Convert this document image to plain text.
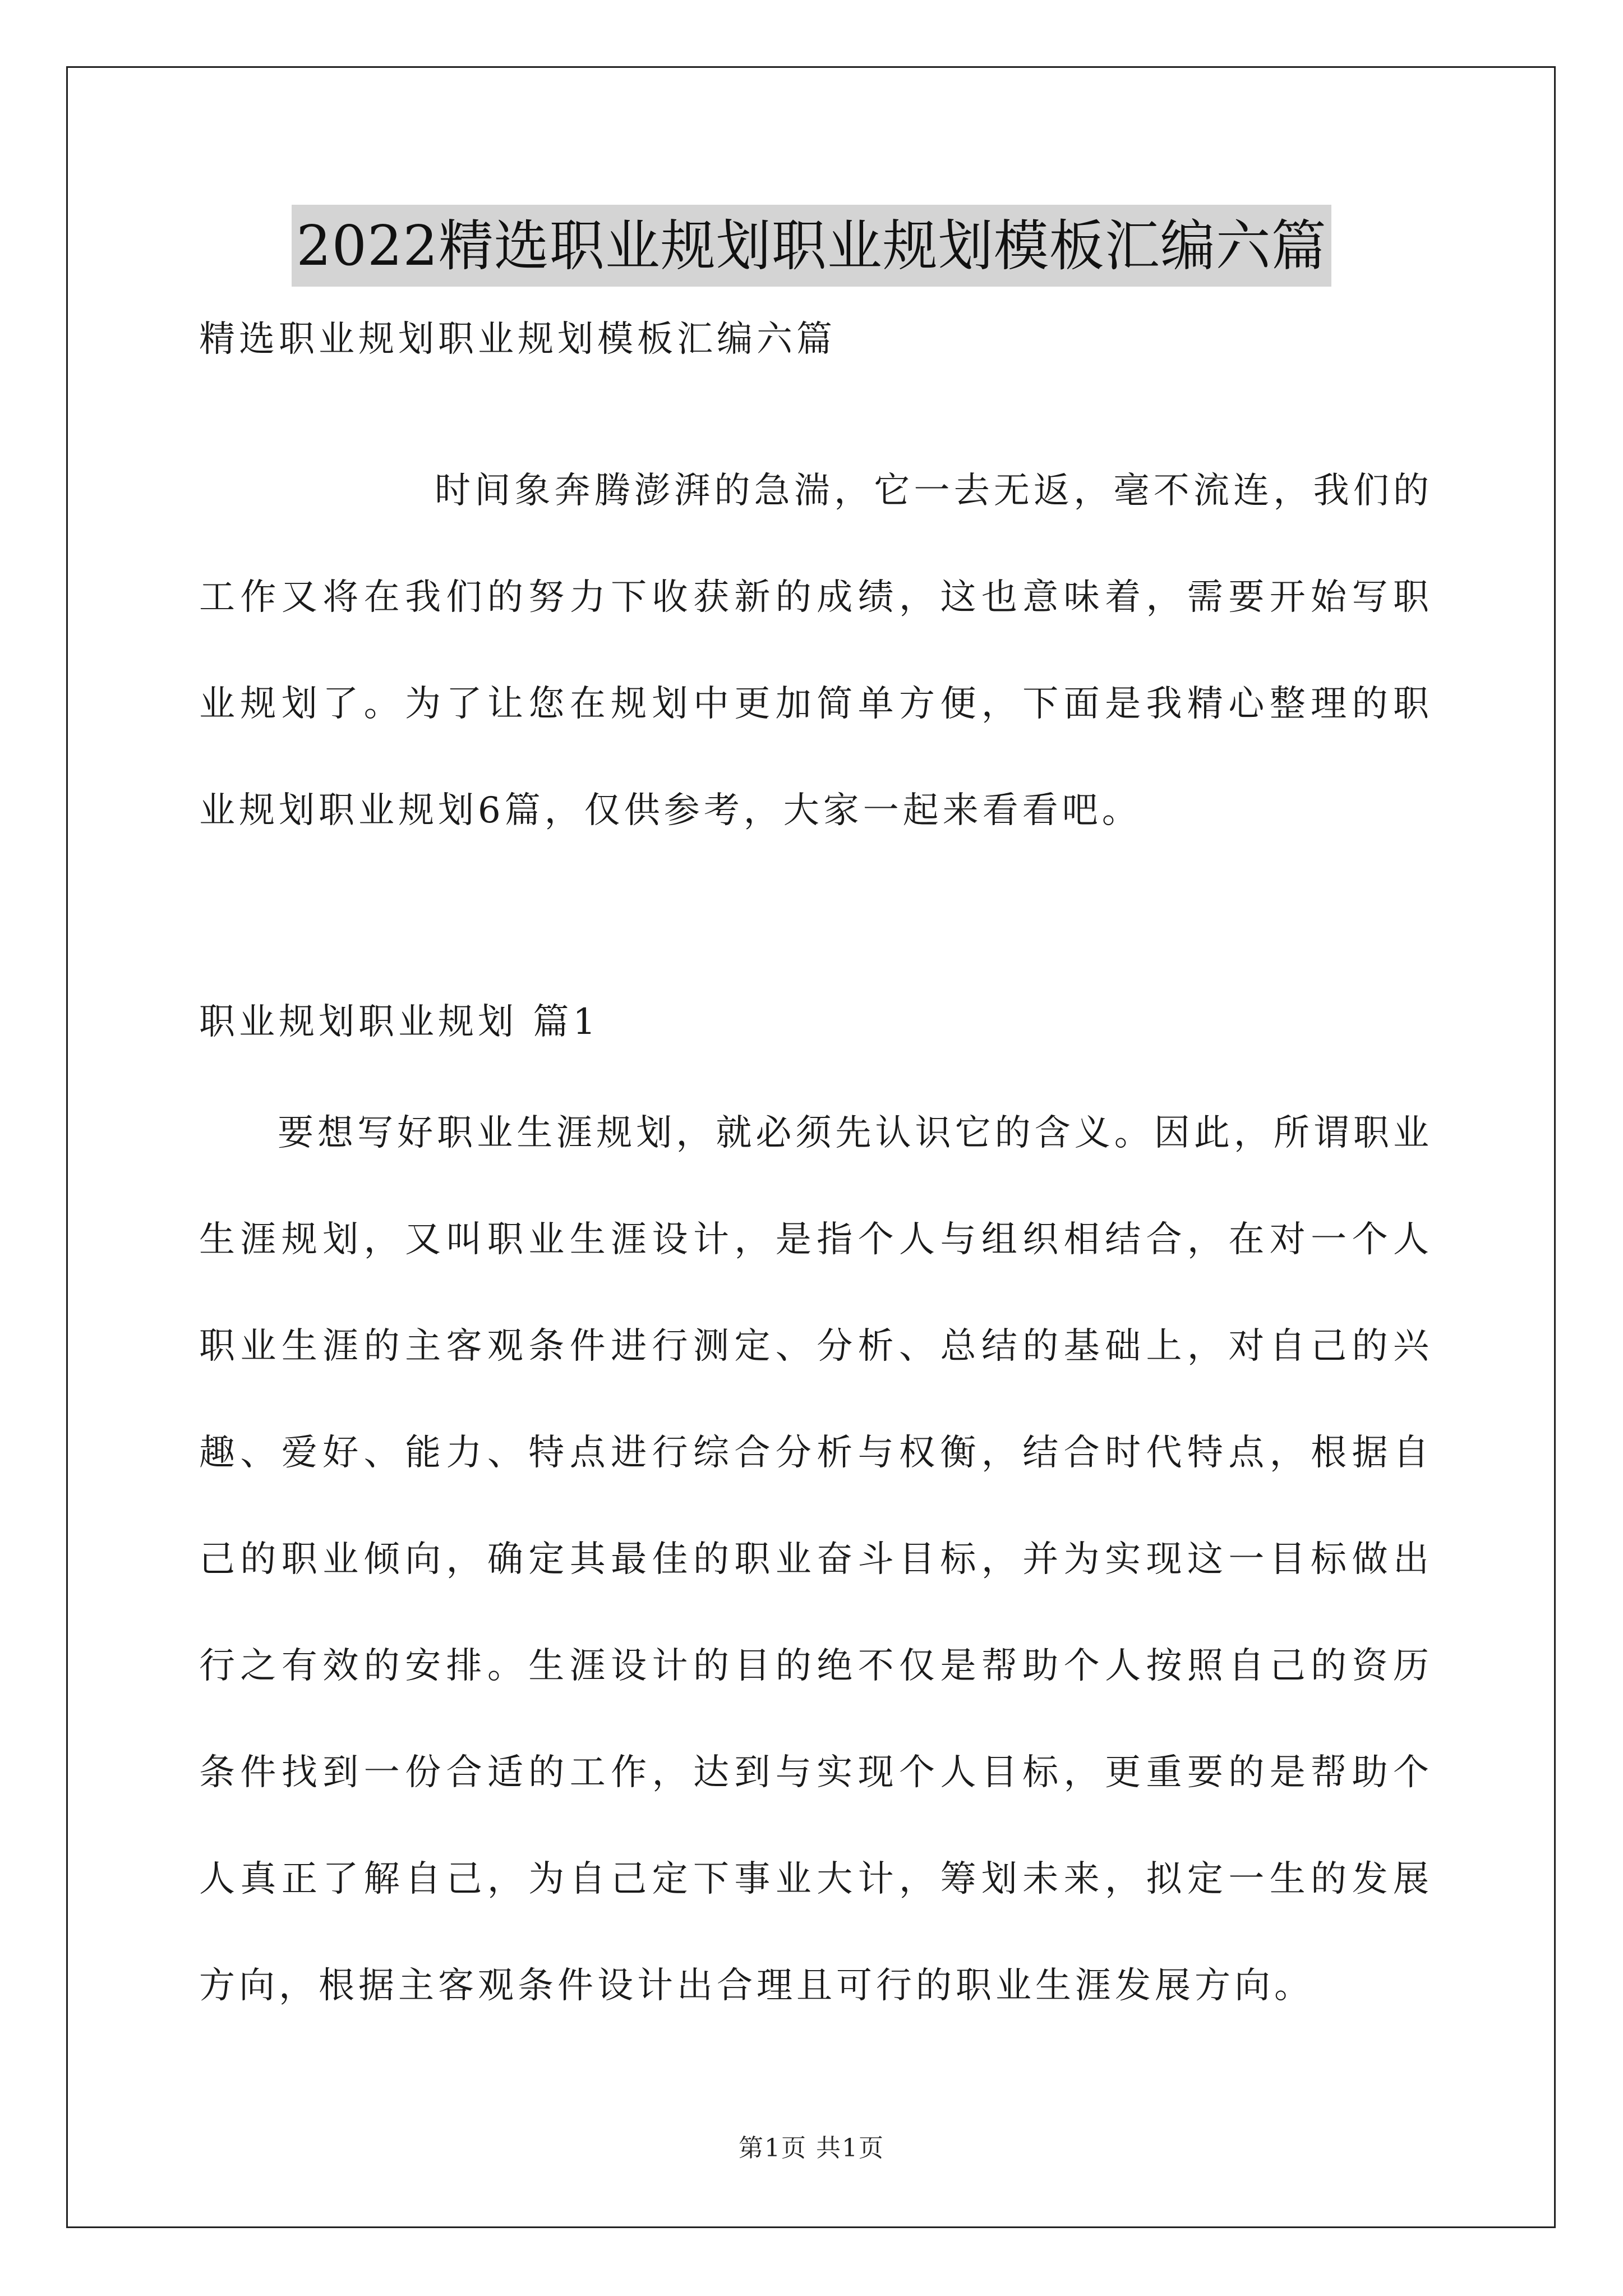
2022精选职业规划职业规划模板汇编六篇
精选职业规划职业规划模板汇编六篇

时间象奔腾澎湃的急湍，它一去无返，毫不流连，我们的工作又将在我们的努力下收获新的成绩，这也意味着，需要开始写职业规划了。为了让您在规划中更加简单方便，下面是我精心整理的职业规划职业规划6篇，仅供参考，大家一起来看看吧。

职业规划职业规划 篇1

要想写好职业生涯规划，就必须先认识它的含义。因此，所谓职业生涯规划，又叫职业生涯设计，是指个人与组织相结合，在对一个人职业生涯的主客观条件进行测定、分析、总结的基础上，对自己的兴趣、爱好、能力、特点进行综合分析与权衡，结合时代特点，根据自己的职业倾向，确定其最佳的职业奋斗目标，并为实现这一目标做出行之有效的安排。生涯设计的目的绝不仅是帮助个人按照自己的资历条件找到一份合适的工作，达到与实现个人目标，更重要的是帮助个人真正了解自己，为自己定下事业大计，筹划未来，拟定一生的发展方向，根据主客观条件设计出合理且可行的职业生涯发展方向。

第1页 共1页
